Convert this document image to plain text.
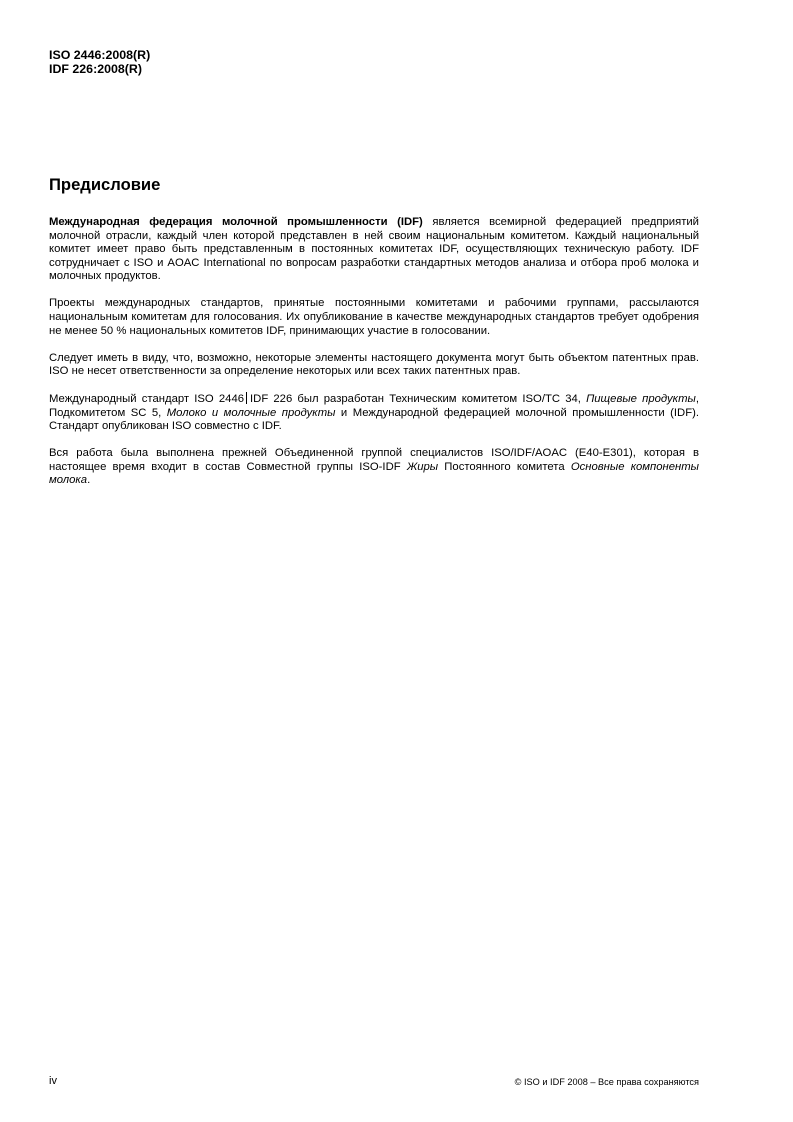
ISO 2446:2008(R)
IDF 226:2008(R)
Предисловие

Международная федерация молочной промышленности (IDF) является всемирной федерацией предприятий молочной отрасли, каждый член которой представлен в ней своим национальным комитетом. Каждый национальный комитет имеет право быть представленным в постоянных комитетах IDF, осуществляющих техническую работу. IDF сотрудничает с ISO и AOAC International по вопросам разработки стандартных методов анализа и отбора проб молока и молочных продуктов.

Проекты международных стандартов, принятые постоянными комитетами и рабочими группами, рассылаются национальным комитетам для голосования. Их опубликование в качестве международных стандартов требует одобрения не менее 50 % национальных комитетов IDF, принимающих участие в голосовании.

Следует иметь в виду, что, возможно, некоторые элементы настоящего документа могут быть объектом патентных прав. ISO не несет ответственности за определение некоторых или всех таких патентных прав.

Международный стандарт ISO 2446 IDF 226 был разработан Техническим комитетом ISO/TC 34, Пищевые продукты, Подкомитетом SC 5, Молоко и молочные продукты и Международной федерацией молочной промышленности (IDF). Стандарт опубликован ISO совместно с IDF.

Вся работа была выполнена прежней Объединенной группой специалистов ISO/IDF/AOAC (E40-E301), которая в настоящее время входит в состав Совместной группы ISO-IDF Жиры Постоянного комитета Основные компоненты молока.

iv	© ISO и IDF 2008 – Все права сохраняются
